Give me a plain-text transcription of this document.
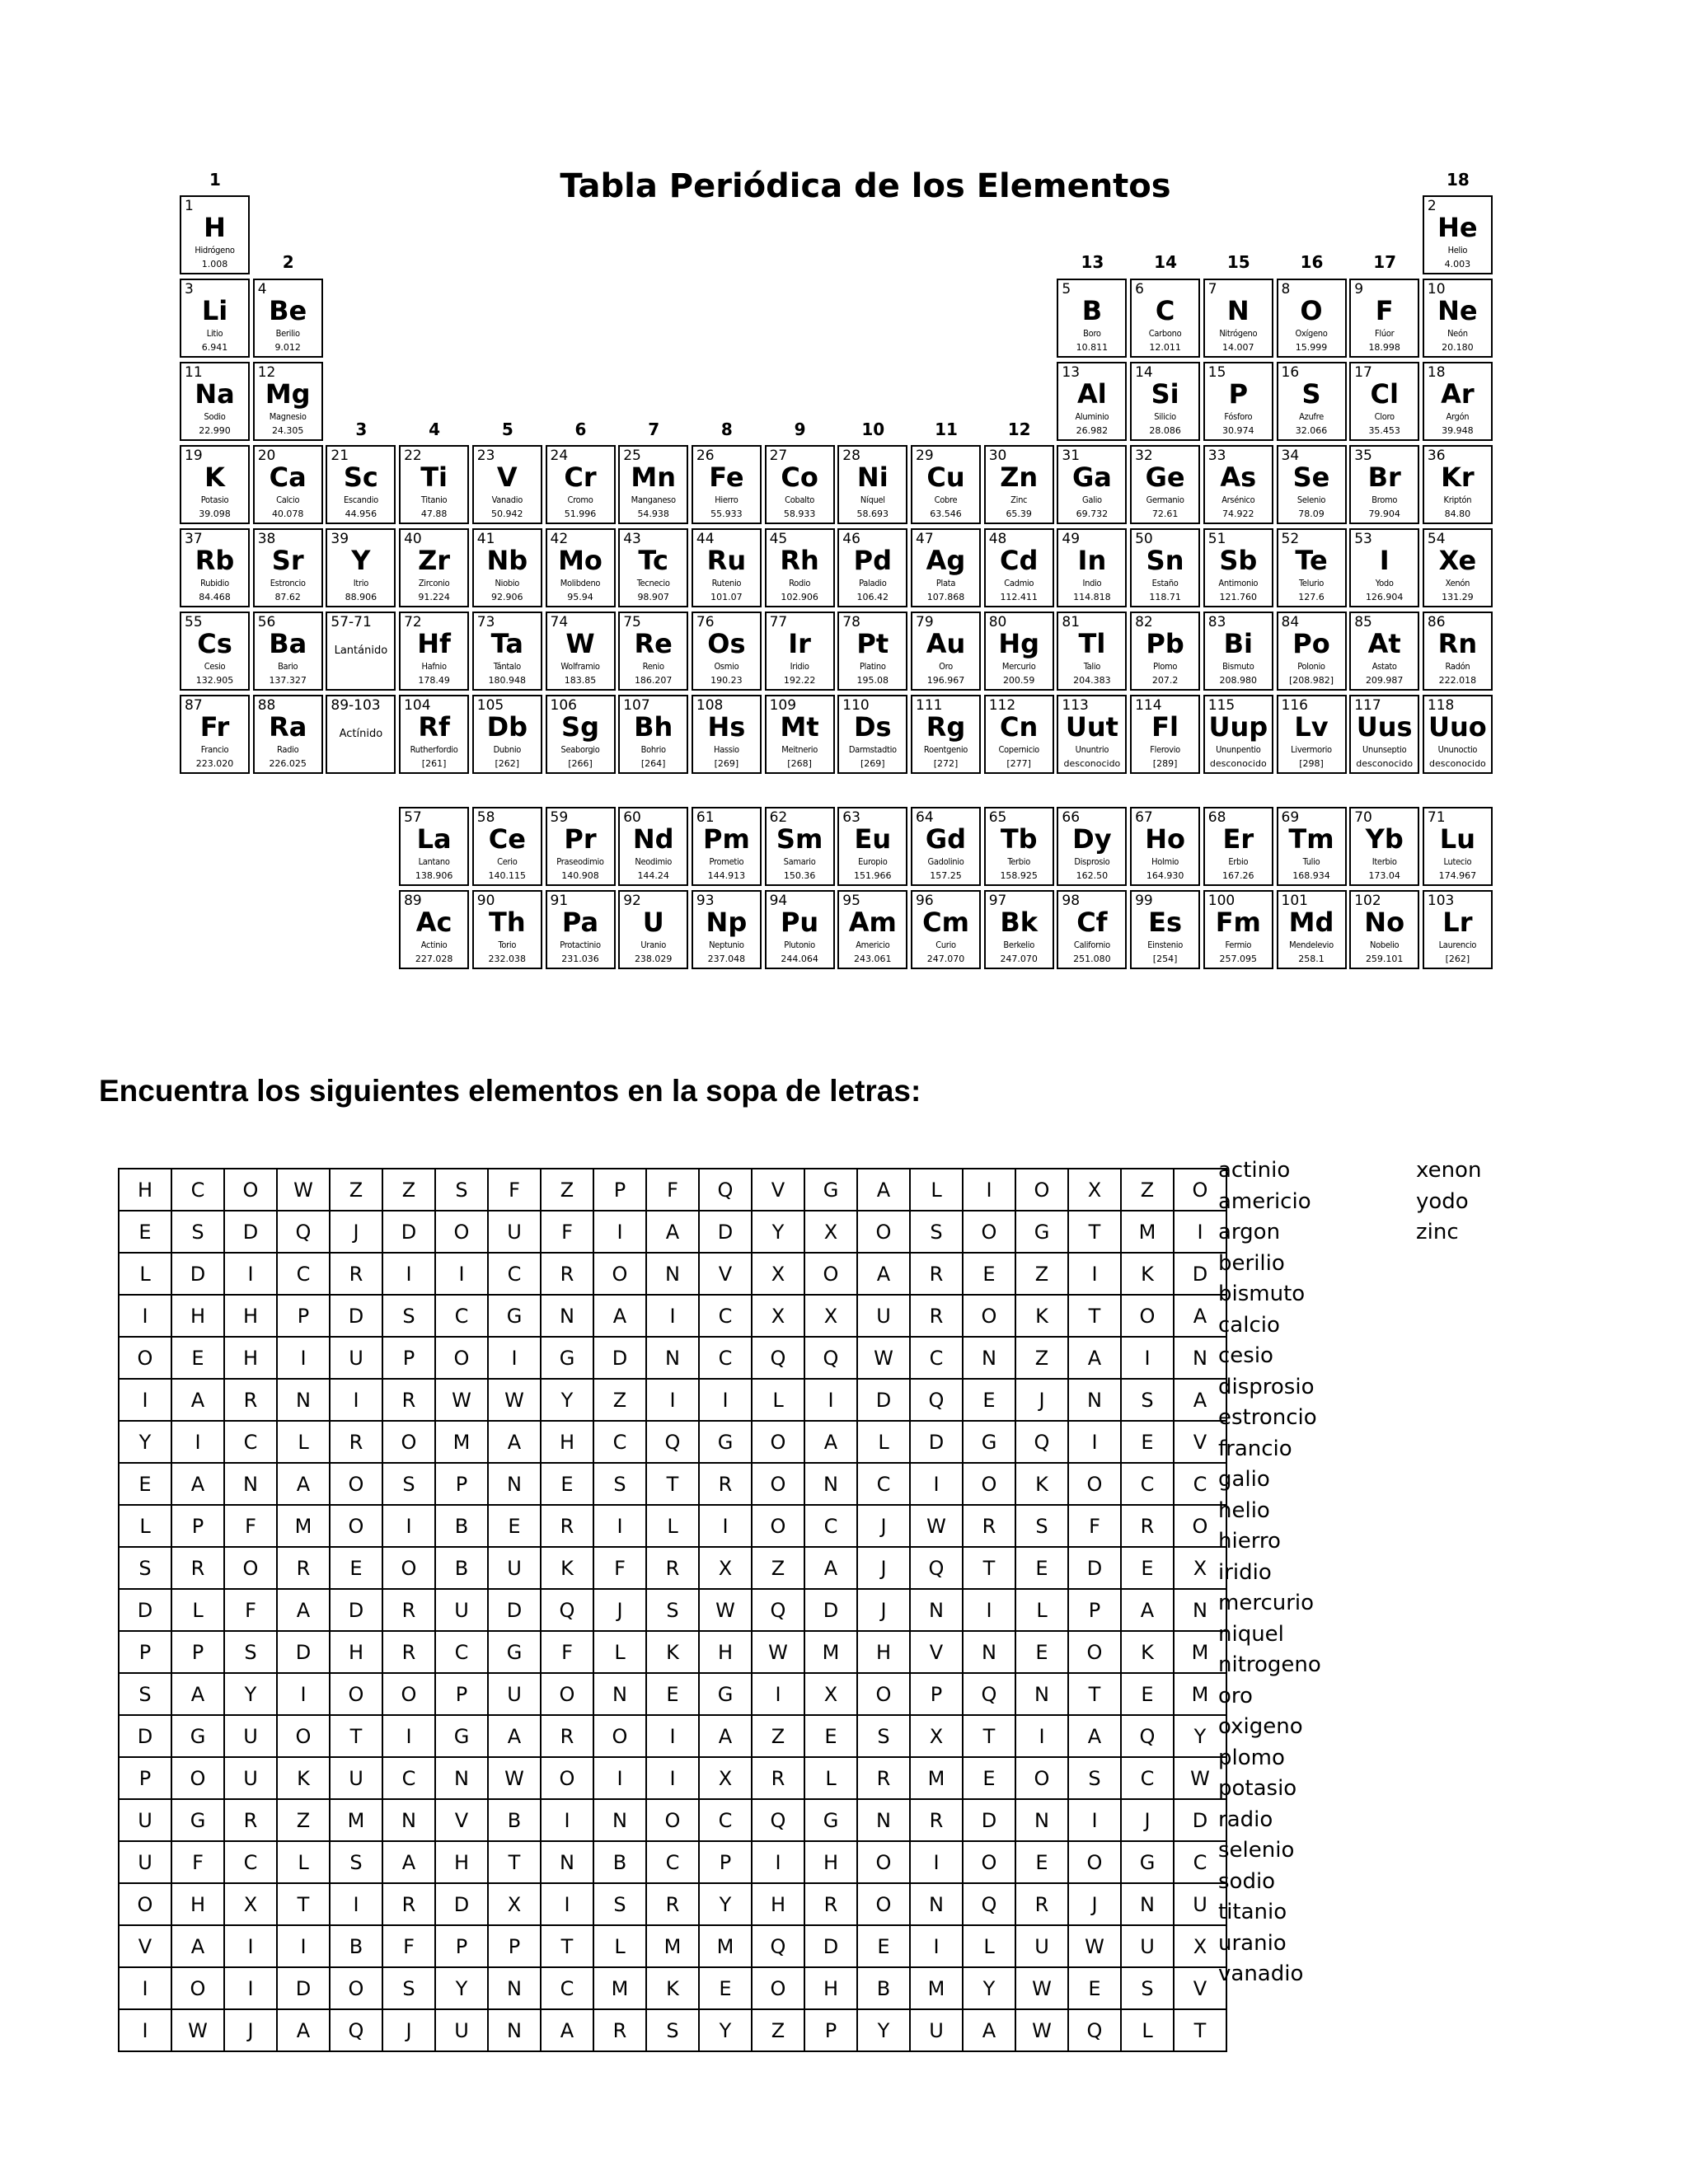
Tabla Periódica de los Elementos
1
H
Hidrógeno
1.008
2
He
Helio
4.003
3
Li
Litio
6.941
4
Be
Berilio
9.012
5
B
Boro
10.811
6
C
Carbono
12.011
7
N
Nitrógeno
14.007
8
O
Oxígeno
15.999
9
F
Flúor
18.998
10
Ne
Neón
20.180
11
Na
Sodio
22.990
12
Mg
Magnesio
24.305
13
Al
Aluminio
26.982
14
Si
Silicio
28.086
15
P
Fósforo
30.974
16
S
Azufre
32.066
17
Cl
Cloro
35.453
18
Ar
Argón
39.948
19
K
Potasio
39.098
20
Ca
Calcio
40.078
21
Sc
Escandio
44.956
22
Ti
Titanio
47.88
23
V
Vanadio
50.942
24
Cr
Cromo
51.996
25
Mn
Manganeso
54.938
26
Fe
Hierro
55.933
27
Co
Cobalto
58.933
28
Ni
Níquel
58.693
29
Cu
Cobre
63.546
30
Zn
Zinc
65.39
31
Ga
Galio
69.732
32
Ge
Germanio
72.61
33
As
Arsénico
74.922
34
Se
Selenio
78.09
35
Br
Bromo
79.904
36
Kr
Kriptón
84.80
37
Rb
Rubidio
84.468
38
Sr
Estroncio
87.62
39
Y
Itrio
88.906
40
Zr
Zirconio
91.224
41
Nb
Niobio
92.906
42
Mo
Molibdeno
95.94
43
Tc
Tecnecio
98.907
44
Ru
Rutenio
101.07
45
Rh
Rodio
102.906
46
Pd
Paladio
106.42
47
Ag
Plata
107.868
48
Cd
Cadmio
112.411
49
In
Indio
114.818
50
Sn
Estaño
118.71
51
Sb
Antimonio
121.760
52
Te
Telurio
127.6
53
I
Yodo
126.904
54
Xe
Xenón
131.29
55
Cs
Cesio
132.905
56
Ba
Bario
137.327
57-71
Lantánido
72
Hf
Hafnio
178.49
73
Ta
Tántalo
180.948
74
W
Wolframio
183.85
75
Re
Renio
186.207
76
Os
Osmio
190.23
77
Ir
Iridio
192.22
78
Pt
Platino
195.08
79
Au
Oro
196.967
80
Hg
Mercurio
200.59
81
Tl
Talio
204.383
82
Pb
Plomo
207.2
83
Bi
Bismuto
208.980
84
Po
Polonio
[208.982]
85
At
Astato
209.987
86
Rn
Radón
222.018
87
Fr
Francio
223.020
88
Ra
Radio
226.025
89-103
Actínido
104
Rf
Rutherfordio
[261]
105
Db
Dubnio
[262]
106
Sg
Seaborgio
[266]
107
Bh
Bohrio
[264]
108
Hs
Hassio
[269]
109
Mt
Meitnerio
[268]
110
Ds
Darmstadtio
[269]
111
Rg
Roentgenio
[272]
112
Cn
Copernicio
[277]
113
Uut
Ununtrio
desconocido
114
Fl
Flerovio
[289]
115
Uup
Ununpentio
desconocido
116
Lv
Livermorio
[298]
117
Uus
Ununseptio
desconocido
118
Uuo
Ununoctio
desconocido
57
La
Lantano
138.906
58
Ce
Cerio
140.115
59
Pr
Praseodimio
140.908
60
Nd
Neodimio
144.24
61
Pm
Prometio
144.913
62
Sm
Samario
150.36
63
Eu
Europio
151.966
64
Gd
Gadolinio
157.25
65
Tb
Terbio
158.925
66
Dy
Disprosio
162.50
67
Ho
Holmio
164.930
68
Er
Erbio
167.26
69
Tm
Tulio
168.934
70
Yb
Iterbio
173.04
71
Lu
Lutecio
174.967
89
Ac
Actinio
227.028
90
Th
Torio
232.038
91
Pa
Protactinio
231.036
92
U
Uranio
238.029
93
Np
Neptunio
237.048
94
Pu
Plutonio
244.064
95
Am
Americio
243.061
96
Cm
Curio
247.070
97
Bk
Berkelio
247.070
98
Cf
Californio
251.080
99
Es
Einstenio
[254]
100
Fm
Fermio
257.095
101
Md
Mendelevio
258.1
102
No
Nobelio
259.101
103
Lr
Laurencio
[262]
1
2
3	4	5	6	7	8	9	10	11	12
13	14	15	16	17
18
Encuentra los siguientes elementos en la sopa de letras:
H	C	O	W	Z	Z	S	F	Z	P	F	Q	V	G	A	L	I	O	X	Z	O
E	S	D	Q	J	D	O	U	F	I	A	D	Y	X	O	S	O	G	T	M	I
L	D	I	C	R	I	I	C	R	O	N	V	X	O	A	R	E	Z	I	K	D
I	H	H	P	D	S	C	G	N	A	I	C	X	X	U	R	O	K	T	O	A
O	E	H	I	U	P	O	I	G	D	N	C	Q	Q	W	C	N	Z	A	I	N
I	A	R	N	I	R	W	W	Y	Z	I	I	L	I	D	Q	E	J	N	S	A
Y	I	C	L	R	O	M	A	H	C	Q	G	O	A	L	D	G	Q	I	E	V
E	A	N	A	O	S	P	N	E	S	T	R	O	N	C	I	O	K	O	C	C
L	P	F	M	O	I	B	E	R	I	L	I	O	C	J	W	R	S	F	R	O
S	R	O	R	E	O	B	U	K	F	R	X	Z	A	J	Q	T	E	D	E	X
D	L	F	A	D	R	U	D	Q	J	S	W	Q	D	J	N	I	L	P	A	N
P	P	S	D	H	R	C	G	F	L	K	H	W	M	H	V	N	E	O	K	M
S	A	Y	I	O	O	P	U	O	N	E	G	I	X	O	P	Q	N	T	E	M
D	G	U	O	T	I	G	A	R	O	I	A	Z	E	S	X	T	I	A	Q	Y
P	O	U	K	U	C	N	W	O	I	I	X	R	L	R	M	E	O	S	C	W
U	G	R	Z	M	N	V	B	I	N	O	C	Q	G	N	R	D	N	I	J	D
U	F	C	L	S	A	H	T	N	B	C	P	I	H	O	I	O	E	O	G	C
O	H	X	T	I	R	D	X	I	S	R	Y	H	R	O	N	Q	R	J	N	U
V	A	I	I	B	F	P	P	T	L	M	M	Q	D	E	I	L	U	W	U	X
I	O	I	D	O	S	Y	N	C	M	K	E	O	H	B	M	Y	W	E	S	V
I	W	J	A	Q	J	U	N	A	R	S	Y	Z	P	Y	U	A	W	Q	L	T
actinio
americio
argon
berilio
bismuto
calcio
cesio
disprosio
estroncio
francio
galio
helio
hierro
iridio
mercurio
niquel
nitrogeno
oro
oxigeno
plomo
potasio
radio
selenio
sodio
titanio
uranio
vanadio
xenon
yodo
zinc
